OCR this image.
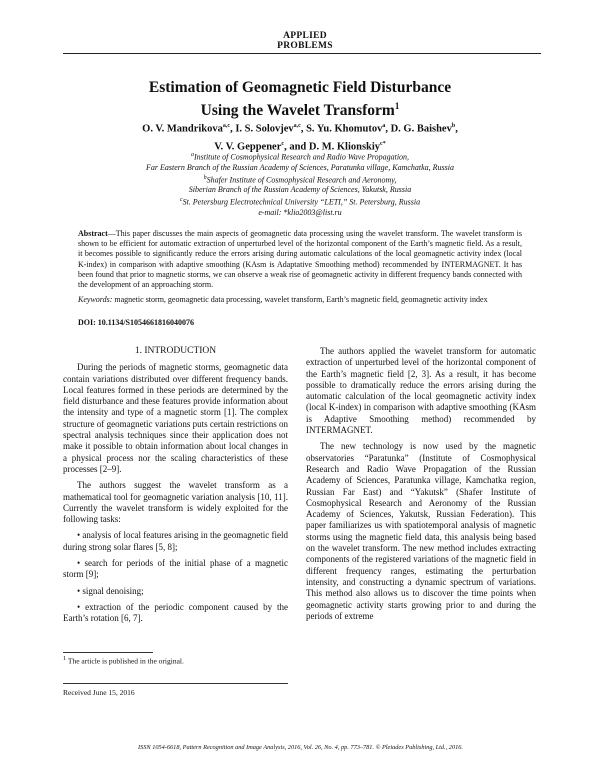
APPLIED
PROBLEMS
Estimation of Geomagnetic Field Disturbance
Using the Wavelet Transform$^1$
O. V. Mandrikova$^{a,c}$, I. S. Solovjev$^{a,c}$, S. Yu. Khomutov$^a$, D. G. Baishev$^b$,
V. V. Geppener$^c$, and D. M. Klionskiy$^{c*}$
$^a$Institute of Cosmophysical Research and Radio Wave Propagation,
Far Eastern Branch of the Russian Academy of Sciences, Paratunka village, Kamchatka, Russia
$^b$Shafer Institute of Cosmophysical Research and Aeronomy,
Siberian Branch of the Russian Academy of Sciences, Yakutsk, Russia
$^c$St. Petersburg Electrotechnical University “LETI,” St. Petersburg, Russia
e-mail: *klio2003@list.ru
Abstract—This paper discusses the main aspects of geomagnetic data processing using the wavelet transform. The wavelet transform is shown to be efficient for automatic extraction of unperturbed level of the horizontal component of the Earth’s magnetic field. As a result, it becomes possible to significantly reduce the errors arising during automatic calculations of the local geomagnetic activity index (local K-index) in comparison with adaptive smoothing (KAsm is Adaptative Smoothing method) recommended by INTERMAGNET. It has been found that prior to magnetic storms, we can observe a weak rise of geomagnetic activity in different frequency bands connected with the development of an approaching storm.
Keywords: magnetic storm, geomagnetic data processing, wavelet transform, Earth’s magnetic field, geomagnetic activity index
DOI: 10.1134/S1054661816040076

1. INTRODUCTION

During the periods of magnetic storms, geomagnetic data contain variations distributed over different frequency bands. Local features formed in these periods are determined by the field disturbance and these features provide information about the intensity and type of a magnetic storm [1]. The complex structure of geomagnetic variations puts certain restrictions on spectral analysis techniques since their application does not make it possible to obtain information about local changes in a physical process nor the scaling characteristics of these processes [2–9].

The authors suggest the wavelet transform as a mathematical tool for geomagnetic variation analysis [10, 11]. Currently the wavelet transform is widely exploited for the following tasks:

• analysis of local features arising in the geomagnetic field during strong solar flares [5, 8];

• search for periods of the initial phase of a magnetic storm [9];

• signal denoising;

• extraction of the periodic component caused by the Earth’s rotation [6, 7].

$^1$ The article is published in the original.
Received June 15, 2016

The authors applied the wavelet transform for automatic extraction of unperturbed level of the horizontal component of the Earth’s magnetic field [2, 3]. As a result, it has become possible to dramatically reduce the errors arising during the automatic calculation of the local geomagnetic activity index (local K-index) in comparison with adaptive smoothing (KAsm is Adaptive Smoothing method) recommended by INTERMAGNET.

The new technology is now used by the magnetic observatories “Paratunka” (Institute of Cosmophysical Research and Radio Wave Propagation of the Russian Academy of Sciences, Paratunka village, Kamchatka region, Russian Far East) and “Yakutsk” (Shafer Institute of Cosmophysical Research and Aeronomy of the Russian Academy of Sciences, Yakutsk, Russian Federation). This paper familiarizes us with spatiotemporal analysis of magnetic storms using the magnetic field data, this analysis being based on the wavelet transform. The new method includes extracting components of the registered variations of the magnetic field in different frequency ranges, estimating the perturbation intensity, and constructing a dynamic spectrum of variations. This method also allows us to discover the time points when geomagnetic activity starts growing prior to and during the periods of extreme

ISSN 1054-6618, Pattern Recognition and Image Analysis, 2016, Vol. 26, No. 4, pp. 773–781. © Pleiades Publishing, Ltd., 2016.
